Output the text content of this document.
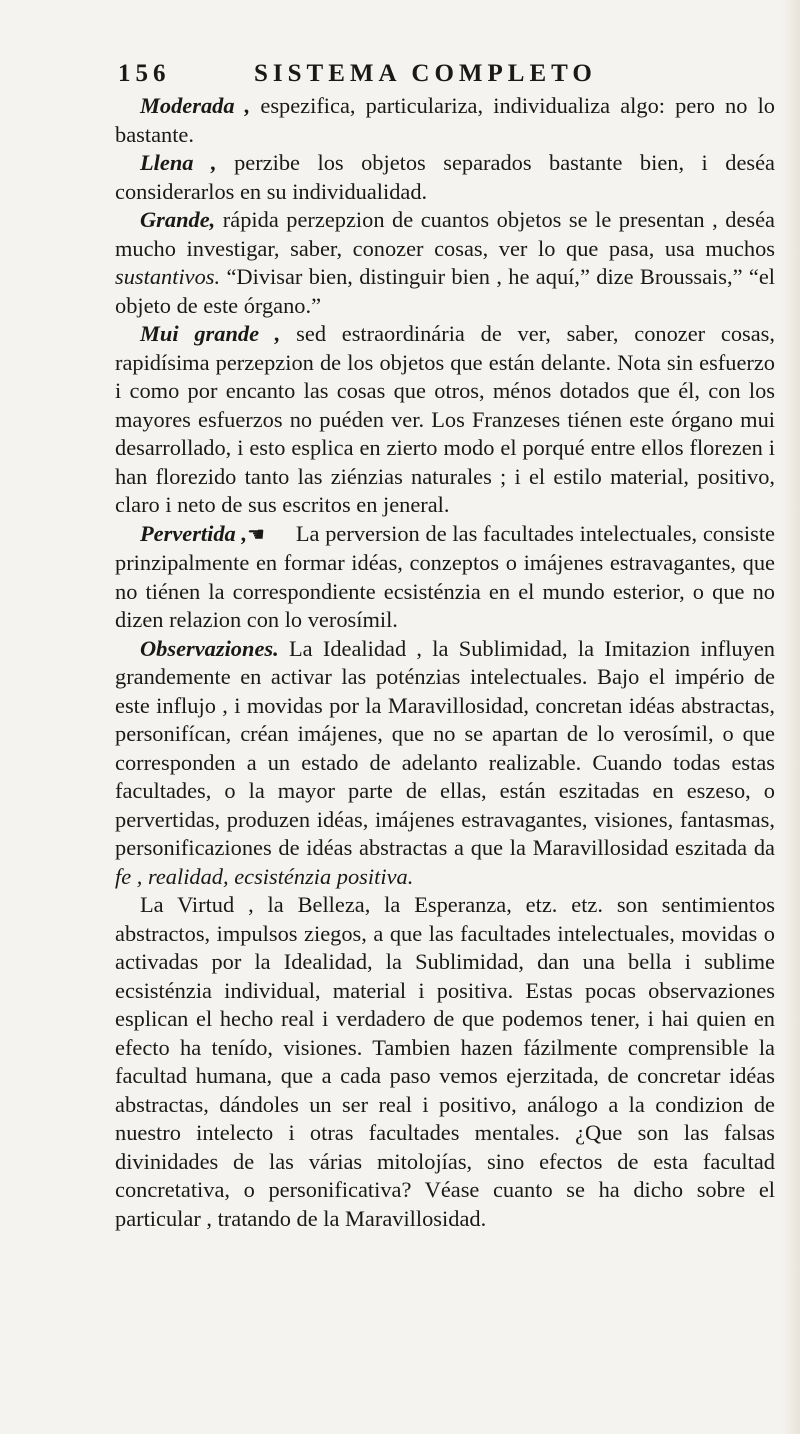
156	SISTEMA COMPLETO

Moderada , espezifica, particulariza, individualiza algo: pero no lo bastante.

Llena , perzibe los objetos separados bastante bien, i deséa considerarlos en su individualidad.

Grande, rápida perzepzion de cuantos objetos se le presentan , deséa mucho investigar, saber, conozer cosas, ver lo que pasa, usa muchos sustantivos. “Divisar bien, distinguir bien , he aquí,” dize Broussais,” “el objeto de este órgano.”

Mui grande , sed estraordinária de ver, saber, conozer cosas, rapidísima perzepzion de los objetos que están delante. Nota sin esfuerzo i como por encanto las cosas que otros, ménos dotados que él, con los mayores esfuerzos no puéden ver. Los Franzeses tiénen este órgano mui desarrollado, i esto esplica en zierto modo el porqué entre ellos florezen i han florezido tanto las ziénzias naturales ; i el estilo material, positivo, claro i neto de sus escritos en jeneral.

Pervertida ,☛ La perversion de las facultades intelectuales, consiste prinzipalmente en formar idéas, conzeptos o imájenes estravagantes, que no tiénen la correspondiente ecsisténzia en el mundo esterior, o que no dizen relazion con lo verosímil.

Observaziones. La Idealidad , la Sublimidad, la Imitazion influyen grandemente en activar las poténzias intelectuales. Bajo el império de este influjo , i movidas por la Maravillosidad, concretan idéas abstractas, personifícan, créan imájenes, que no se apartan de lo verosímil, o que corresponden a un estado de adelanto realizable. Cuando todas estas facultades, o la mayor parte de ellas, están eszitadas en eszeso, o pervertidas, produzen idéas, imájenes estravagantes, visiones, fantasmas, personificaziones de idéas abstractas a que la Maravillosidad eszitada da fe , realidad, ecsisténzia positiva.

La Virtud , la Belleza, la Esperanza, etz. etz. son sentimientos abstractos, impulsos ziegos, a que las facultades intelectuales, movidas o activadas por la Idealidad, la Sublimidad, dan una bella i sublime ecsisténzia individual, material i positiva. Estas pocas observaziones esplican el hecho real i verdadero de que podemos tener, i hai quien en efecto ha tenído, visiones. Tambien hazen fázilmente comprensible la facultad humana, que a cada paso vemos ejerzitada, de concretar idéas abstractas, dándoles un ser real i positivo, análogo a la condizion de nuestro intelecto i otras facultades mentales. ¿Que son las falsas divinidades de las várias mitolojías, sino efectos de esta facultad concretativa, o personificativa? Véase cuanto se ha dicho sobre el particular , tratando de la Maravillosidad.
